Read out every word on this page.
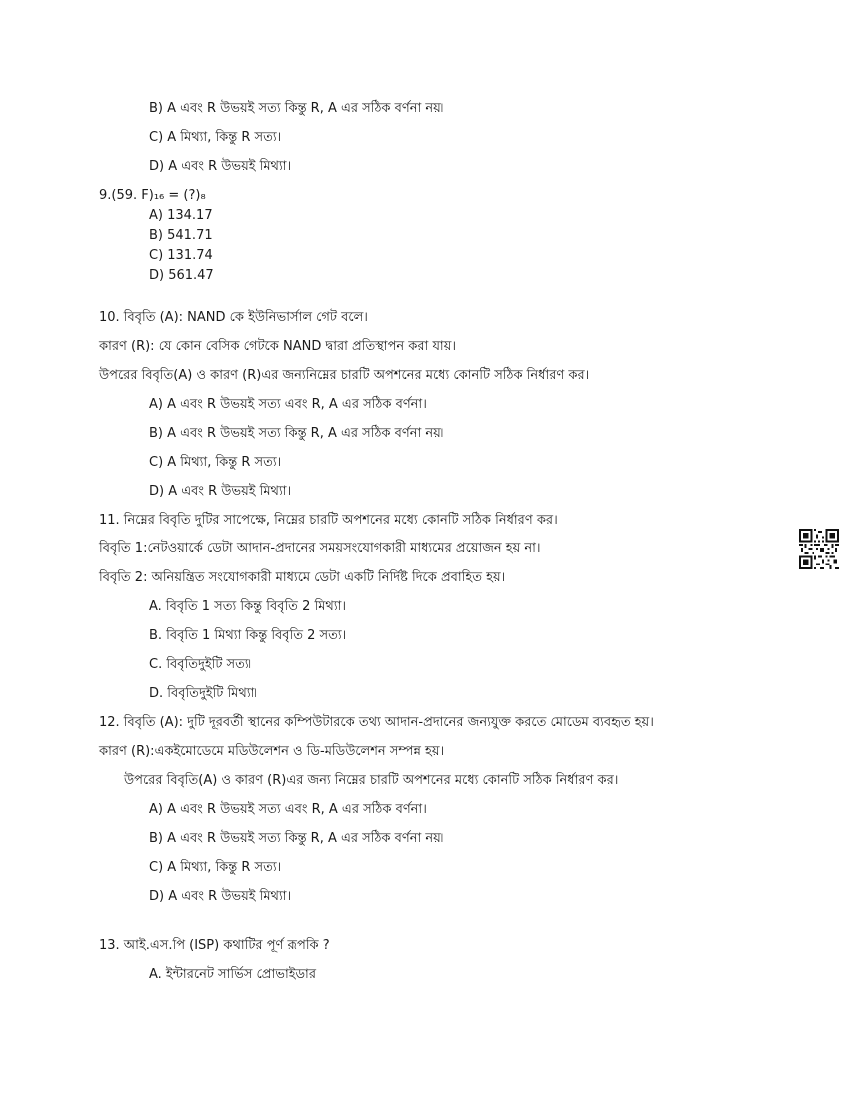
B) A এবং R উভয়ই সত্য কিন্তু R, A এর সঠিক বর্ণনা নয়৷
C) A মিথ্যা, কিন্তু R সত্য।
D) A এবং R উভয়ই মিথ্যা।
9.(59. F)₁₆ = (?)₈
A) 134.17
B) 541.71
C) 131.74
D) 561.47
10. বিবৃতি (A): NAND কে ইউনিভার্সাল গেট বলে।
কারণ (R): যে কোন বেসিক গেটকে NAND দ্বারা প্রতিস্থাপন করা যায়।
উপরের বিবৃতি(A) ও কারণ (R)এর জন্যনিম্নের চারটি অপশনের মধ্যে কোনটি সঠিক নির্ধারণ কর।
A) A এবং R উভয়ই সত্য এবং R, A এর সঠিক বর্ণনা।
B) A এবং R উভয়ই সত্য কিন্তু R, A এর সঠিক বর্ণনা নয়৷
C) A মিথ্যা, কিন্তু R সত্য।
D) A এবং R উভয়ই মিথ্যা।
11. নিম্নের বিবৃতি দুটির সাপেক্ষে, নিম্নের চারটি অপশনের মধ্যে কোনটি সঠিক নির্ধারণ কর।
বিবৃতি 1:নেটওয়ার্কে ডেটা আদান-প্রদানের সময়সংযোগকারী মাধ্যমের প্রয়োজন হয় না।
বিবৃতি 2: অনিয়ন্ত্রিত সংযোগকারী মাধ্যমে ডেটা একটি নির্দিষ্ট দিকে প্রবাহিত হয়।
A. বিবৃতি 1 সত্য কিন্তু বিবৃতি 2 মিথ্যা।
B. বিবৃতি 1 মিথ্যা কিন্তু বিবৃতি 2 সত্য।
C. বিবৃতিদুইটি সত্য৷
D. বিবৃতিদুইটি মিথ্যা৷
12. বিবৃতি (A): দুটি দূরবর্তী স্থানের কম্পিউটারকে তথ্য আদান-প্রদানের জন্যযুক্ত করতে মোডেম ব্যবহৃত হয়।
কারণ (R):একইমোডেমে মডিউলেশন ও ডি-মডিউলেশন সম্পন্ন হয়।
উপরের বিবৃতি(A) ও কারণ (R)এর জন্য নিম্নের চারটি অপশনের মধ্যে কোনটি সঠিক নির্ধারণ কর।
A) A এবং R উভয়ই সত্য এবং R, A এর সঠিক বর্ণনা।
B) A এবং R উভয়ই সত্য কিন্তু R, A এর সঠিক বর্ণনা নয়৷
C) A মিথ্যা, কিন্তু R সত্য।
D) A এবং R উভয়ই মিথ্যা।
13. আই.এস.পি (ISP) কথাটির পূর্ণ রূপকি ?
A. ইন্টারনেট সার্ভিস প্রোভাইডার
